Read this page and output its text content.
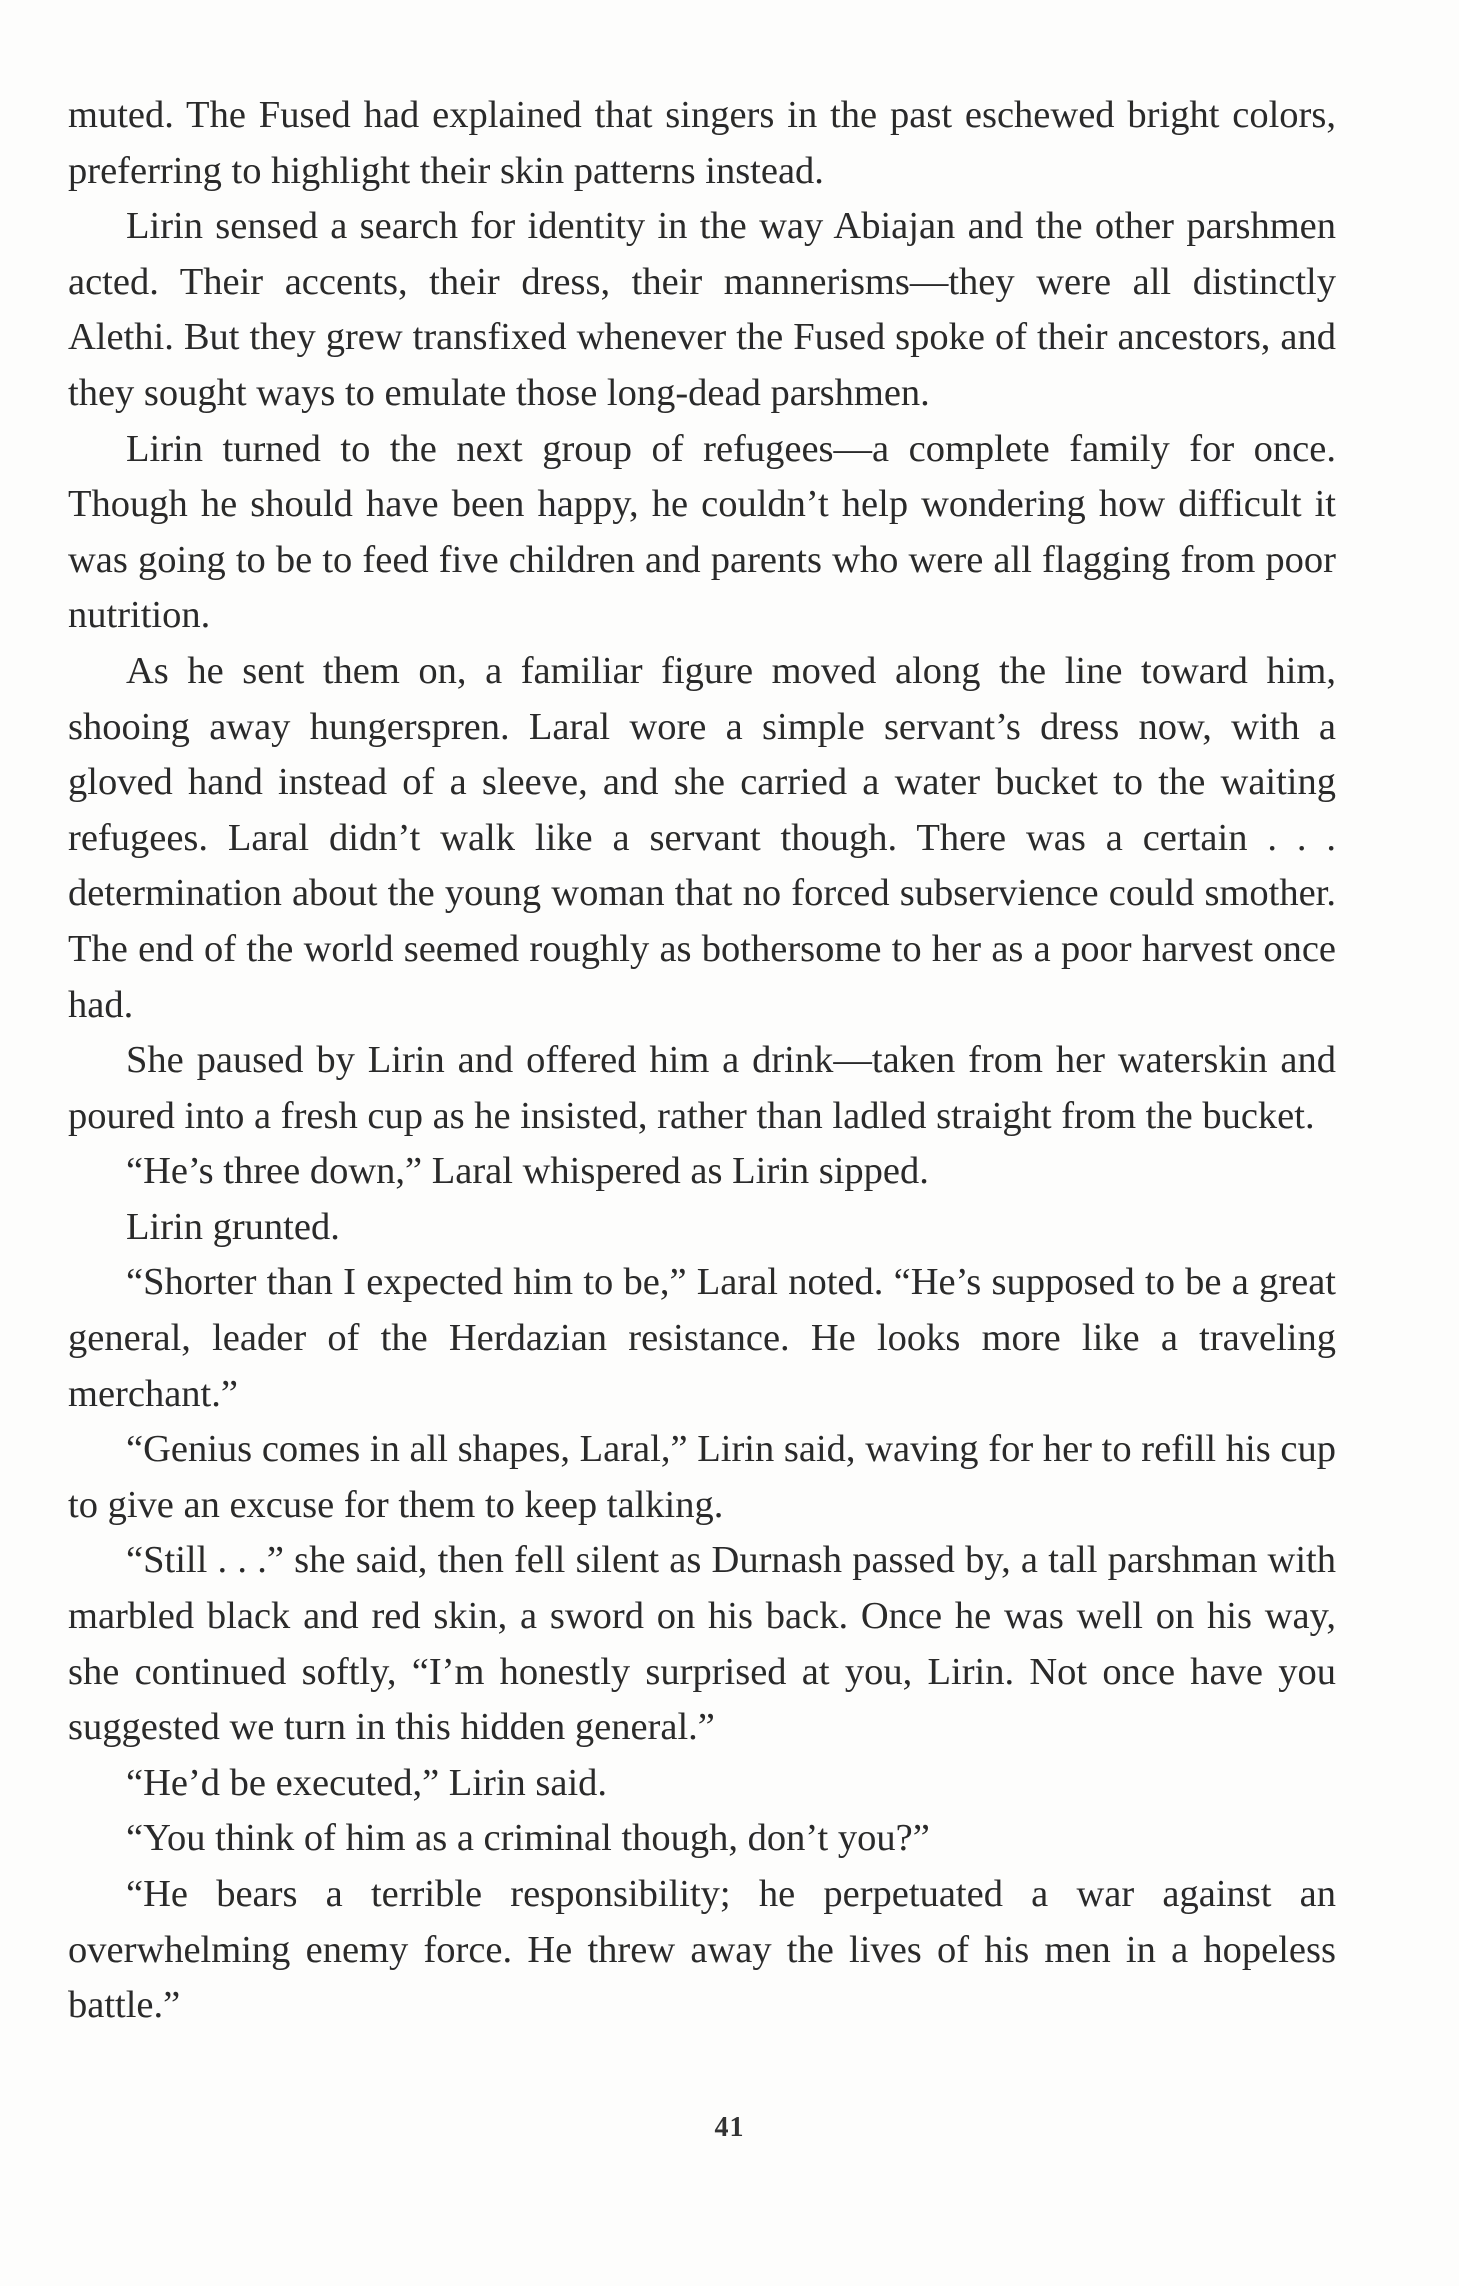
muted. The Fused had explained that singers in the past eschewed bright colors, preferring to highlight their skin patterns instead.

Lirin sensed a search for identity in the way Abiajan and the other parshmen acted. Their accents, their dress, their mannerisms—they were all distinctly Alethi. But they grew transfixed whenever the Fused spoke of their ancestors, and they sought ways to emulate those long-dead parshmen.

Lirin turned to the next group of refugees—a complete family for once. Though he should have been happy, he couldn’t help wondering how difficult it was going to be to feed five children and parents who were all flagging from poor nutrition.

As he sent them on, a familiar figure moved along the line toward him, shooing away hungerspren. Laral wore a simple servant’s dress now, with a gloved hand instead of a sleeve, and she carried a water bucket to the waiting refugees. Laral didn’t walk like a servant though. There was a certain . . . determination about the young woman that no forced subservience could smother. The end of the world seemed roughly as bothersome to her as a poor harvest once had.

She paused by Lirin and offered him a drink—taken from her waterskin and poured into a fresh cup as he insisted, rather than ladled straight from the bucket.

“He’s three down,” Laral whispered as Lirin sipped.

Lirin grunted.

“Shorter than I expected him to be,” Laral noted. “He’s supposed to be a great general, leader of the Herdazian resistance. He looks more like a traveling merchant.”

“Genius comes in all shapes, Laral,” Lirin said, waving for her to refill his cup to give an excuse for them to keep talking.

“Still . . .” she said, then fell silent as Durnash passed by, a tall parshman with marbled black and red skin, a sword on his back. Once he was well on his way, she continued softly, “I’m honestly surprised at you, Lirin. Not once have you suggested we turn in this hidden general.”

“He’d be executed,” Lirin said.

“You think of him as a criminal though, don’t you?”

“He bears a terrible responsibility; he perpetuated a war against an overwhelming enemy force. He threw away the lives of his men in a hopeless battle.”

41
